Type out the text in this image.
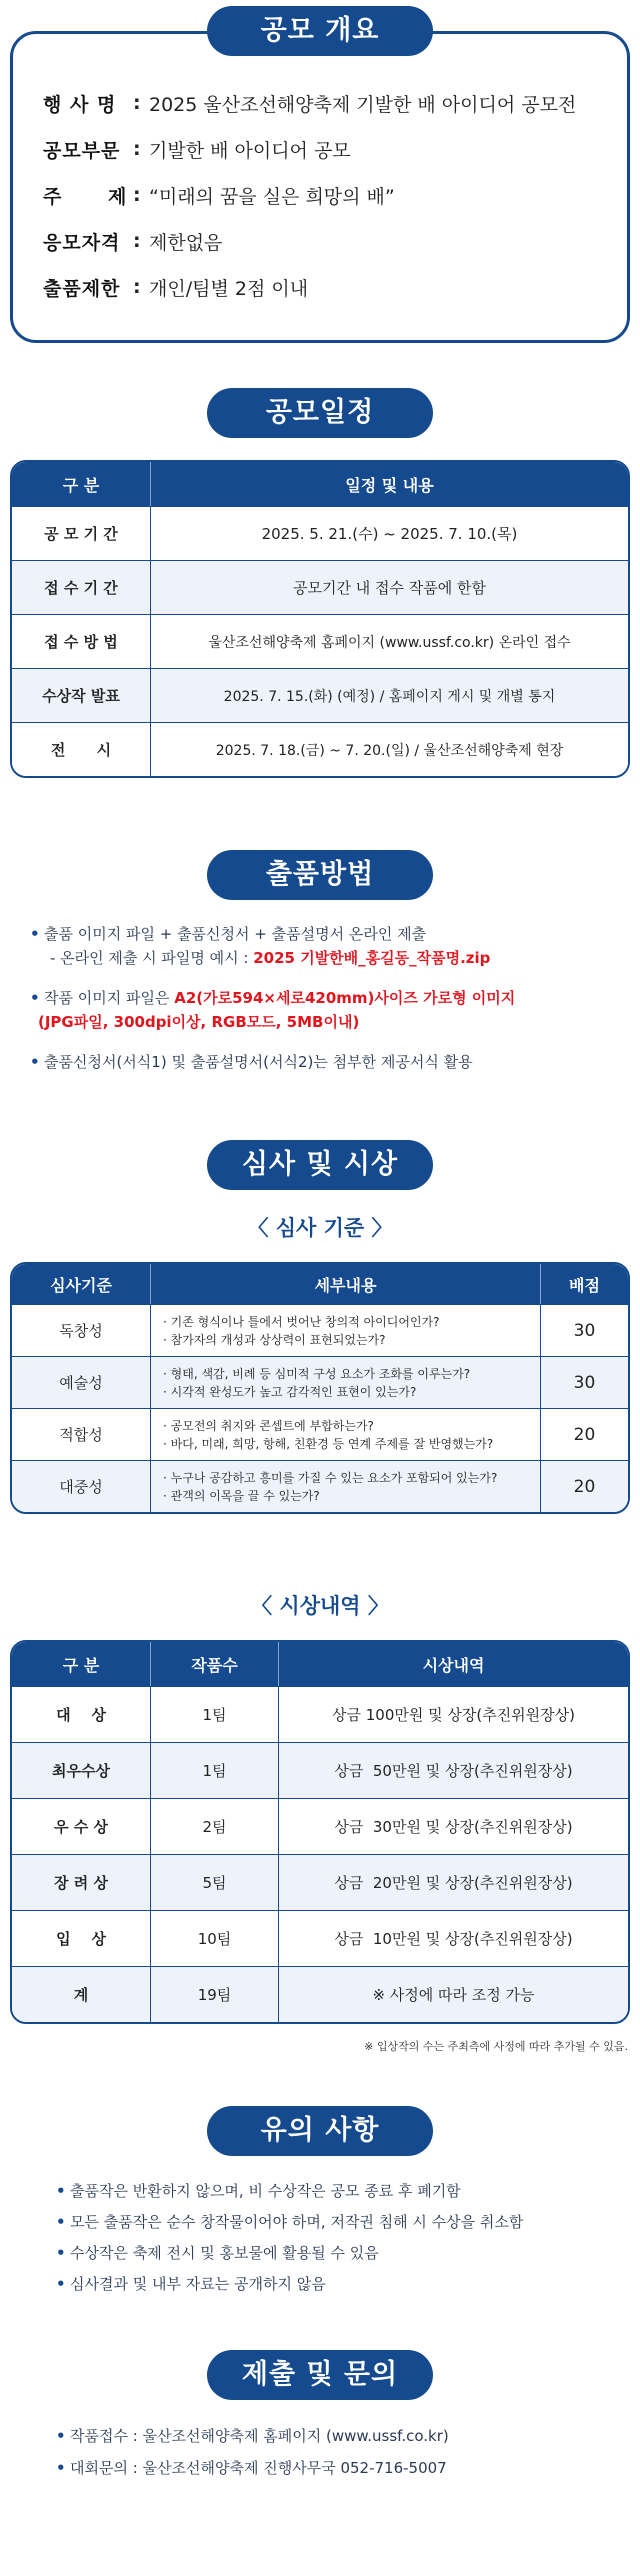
공모 개요
행 사 명 : 2025 울산조선해양축제 기발한 배 아이디어 공모전
공모부문 : 기발한 배 아이디어 공모
주      제 : “미래의 꿈을 실은 희망의 배”
응모자격 : 제한없음
출품제한 : 개인/팀별 2점 이내
공모일정
구 분	일정 및 내용
공 모 기 간	2025. 5. 21.(수) ~ 2025. 7. 10.(목)
접 수 기 간	공모기간 내 접수 작품에 한함
접 수 방 법	울산조선해양축제 홈페이지 (www.ussf.co.kr) 온라인 접수
수상작 발표	2025. 7. 15.(화) (예정) / 홈페이지 게시 및 개별 통지
전      시	2025. 7. 18.(금) ~ 7. 20.(일) / 울산조선해양축제 현장
출품방법
• 출품 이미지 파일 + 출품신청서 + 출품설명서 온라인 제출
- 온라인 제출 시 파일명 예시 : 2025 기발한배_홍길동_작품명.zip
• 작품 이미지 파일은 A2(가로594×세로420mm)사이즈 가로형 이미지
(JPG파일, 300dpi이상, RGB모드, 5MB이내)
• 출품신청서(서식1) 및 출품설명서(서식2)는 첨부한 제공서식 활용
심사 및 시상
〈 심사 기준 〉
심사기준	세부내용	배점
독창성
· 기존 형식이나 틀에서 벗어난 창의적 아이디어인가?
· 참가자의 개성과 상상력이 표현되었는가?	30
예술성
· 형태, 색감, 비례 등 심미적 구성 요소가 조화를 이루는가?
· 시각적 완성도가 높고 감각적인 표현이 있는가?	30
적합성
· 공모전의 취지와 콘셉트에 부합하는가?
· 바다, 미래, 희망, 항해, 친환경 등 연계 주제를 잘 반영했는가?	20
대중성
· 누구나 공감하고 흥미를 가질 수 있는 요소가 포함되어 있는가?
· 관객의 이목을 끌 수 있는가?	20
〈 시상내역 〉
구 분	작품수	시상내역
대    상	1팀	상금 100만원 및 상장(추진위원장상)
최우수상	1팀	상금  50만원 및 상장(추진위원장상)
우 수 상	2팀	상금  30만원 및 상장(추진위원장상)
장 려 상	5팀	상금  20만원 및 상장(추진위원장상)
입    상	10팀	상금  10만원 및 상장(추진위원장상)
계	19팀	※ 사정에 따라 조정 가능
※ 입상작의 수는 주최측에 사정에 따라 추가될 수 있음.
유의 사항
• 출품작은 반환하지 않으며, 비 수상작은 공모 종료 후 폐기함
• 모든 출품작은 순수 창작물이어야 하며, 저작권 침해 시 수상을 취소함
• 수상작은 축제 전시 및 홍보물에 활용될 수 있음
• 심사결과 및 내부 자료는 공개하지 않음
제출 및 문의
• 작품접수 : 울산조선해양축제 홈페이지 (www.ussf.co.kr)
• 대회문의 : 울산조선해양축제 진행사무국 052-716-5007
